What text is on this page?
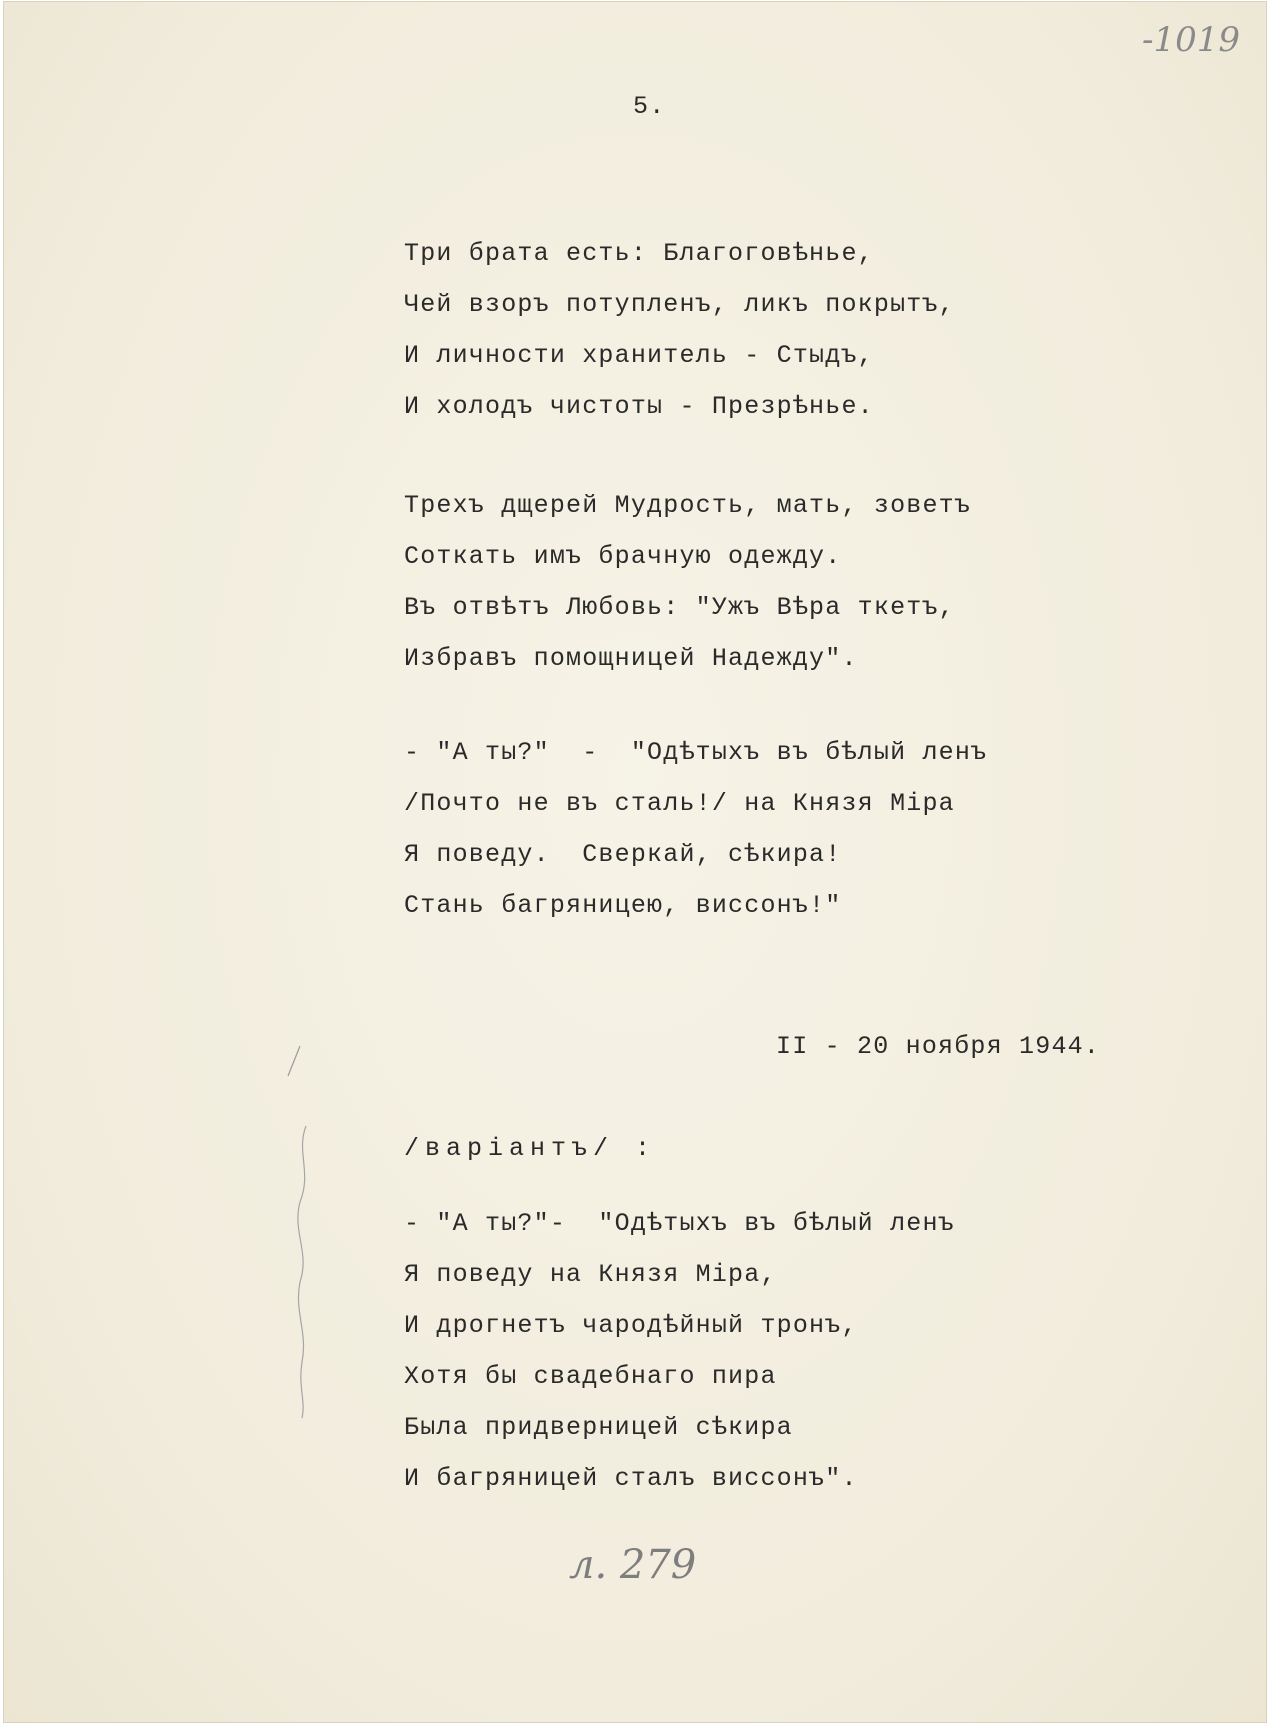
-1019

5.

Три брата есть: Благоговѣнье,
Чей взоръ потупленъ, ликъ покрытъ,
И личности хранитель - Стыдъ,
И холодъ чистоты - Презрѣнье.
Трехъ дщерей Мудрость, мать, зоветъ
Соткать имъ брачную одежду.
Въ отвѣтъ Любовь: "Ужъ Вѣра ткетъ,
Избравъ помощницей Надежду".
- "А ты?"  -  "Одѣтыхъ въ бѣлый ленъ
/Почто не въ сталь!/ на Князя Міра
Я поведу.  Сверкай, сѣкира!
Стань багряницею, виссонъ!"

II - 20 ноября 1944.

/варіантъ/ :

- "А ты?"-  "Одѣтыхъ въ бѣлый ленъ
Я поведу на Князя Міра,
И дрогнетъ чародѣйный тронъ,
Хотя бы свадебнаго пира
Была придверницей сѣкира
И багряницей сталъ виссонъ".
л. 279
